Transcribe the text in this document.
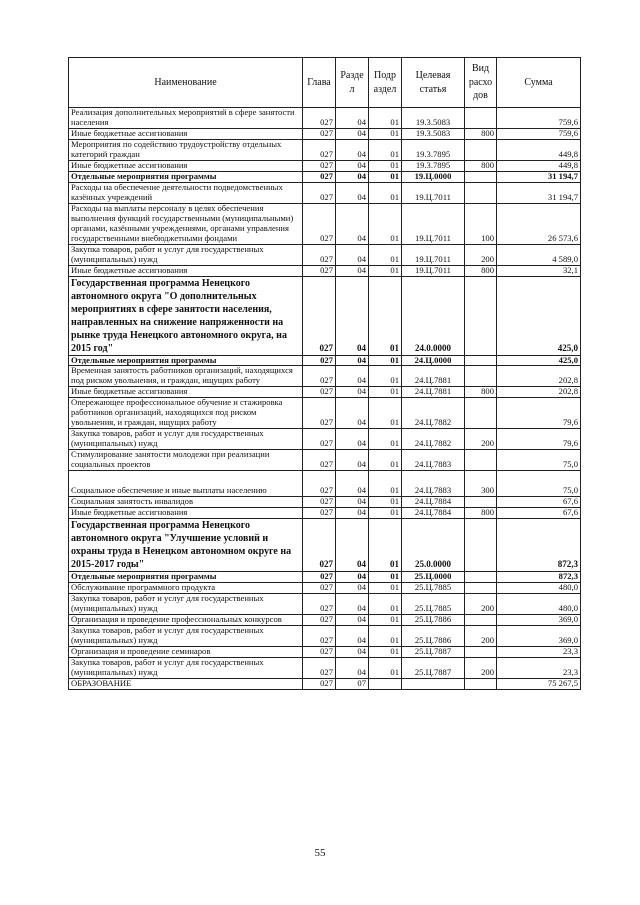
Наименование	Глава	Разде л	Подр аздел	Целевая статья	Вид расхо дов	Сумма
Реализация дополнительных мероприятий в сфере занятости населения	027	04	01	19.3.5083		759,6
Иные бюджетные ассигнования	027	04	01	19.3.5083	800	759,6
Мероприятия по содействию трудоустройству отдельных категорий граждан	027	04	01	19.3.7895		449,8
Иные бюджетные ассигнования	027	04	01	19.3.7895	800	449,8
Отдельные мероприятия программы	027	04	01	19.Ц.0000		31 194,7
Расходы на обеспечение деятельности подведомственных казённых учреждений	027	04	01	19.Ц.7011		31 194,7
Расходы на выплаты персоналу в целях обеспечения выполнения функций государственными (муниципальными) органами, казёнными учреждениями, органами управления государственными внебюджетными фондами	027	04	01	19.Ц.7011	100	26 573,6
Закупка товаров, работ и услуг для государственных (муниципальных) нужд	027	04	01	19.Ц.7011	200	4 589,0
Иные бюджетные ассигнования	027	04	01	19.Ц.7011	800	32,1
Государственная программа Ненецкого автономного округа "О дополнительных мероприятиях в сфере занятости населения, направленных на снижение напряженности на рынке труда Ненецкого автономного округа, на 2015 год"	027	04	01	24.0.0000		425,0
Отдельные мероприятия программы	027	04	01	24.Ц.0000		425,0
Временная занятость работников организаций, находящихся под риском увольнения, и граждан, ищущих работу	027	04	01	24.Ц.7881		202,8
Иные бюджетные ассигнования	027	04	01	24.Ц.7881	800	202,8
Опережающее профессиональное обучение и стажировка работников организаций, находящихся под риском увольнения, и граждан, ищущих работу	027	04	01	24.Ц.7882		79,6
Закупка товаров, работ и услуг для государственных (муниципальных) нужд	027	04	01	24.Ц.7882	200	79,6
Стимулирование занятости молодежи при реализации социальных проектов	027	04	01	24.Ц.7883		75,0
Социальное обеспечение и иные выплаты населению	027	04	01	24.Ц.7883	300	75,0
Социальная занятость инвалидов	027	04	01	24.Ц.7884		67,6
Иные бюджетные ассигнования	027	04	01	24.Ц.7884	800	67,6
Государственная программа Ненецкого автономного округа "Улучшение условий и охраны труда в Ненецком автономном округе на 2015-2017 годы"	027	04	01	25.0.0000		872,3
Отдельные мероприятия программы	027	04	01	25.Ц.0000		872,3
Обслуживание программного продукта	027	04	01	25.Ц.7885		480,0
Закупка товаров, работ и услуг для государственных (муниципальных) нужд	027	04	01	25.Ц.7885	200	480,0
Организация и проведение профессиональных конкурсов	027	04	01	25.Ц.7886		369,0
Закупка товаров, работ и услуг для государственных (муниципальных) нужд	027	04	01	25.Ц.7886	200	369,0
Организация и проведение семинаров	027	04	01	25.Ц.7887		23,3
Закупка товаров, работ и услуг для государственных (муниципальных) нужд	027	04	01	25.Ц.7887	200	23,3
ОБРАЗОВАНИЕ	027	07				75 267,5
55
